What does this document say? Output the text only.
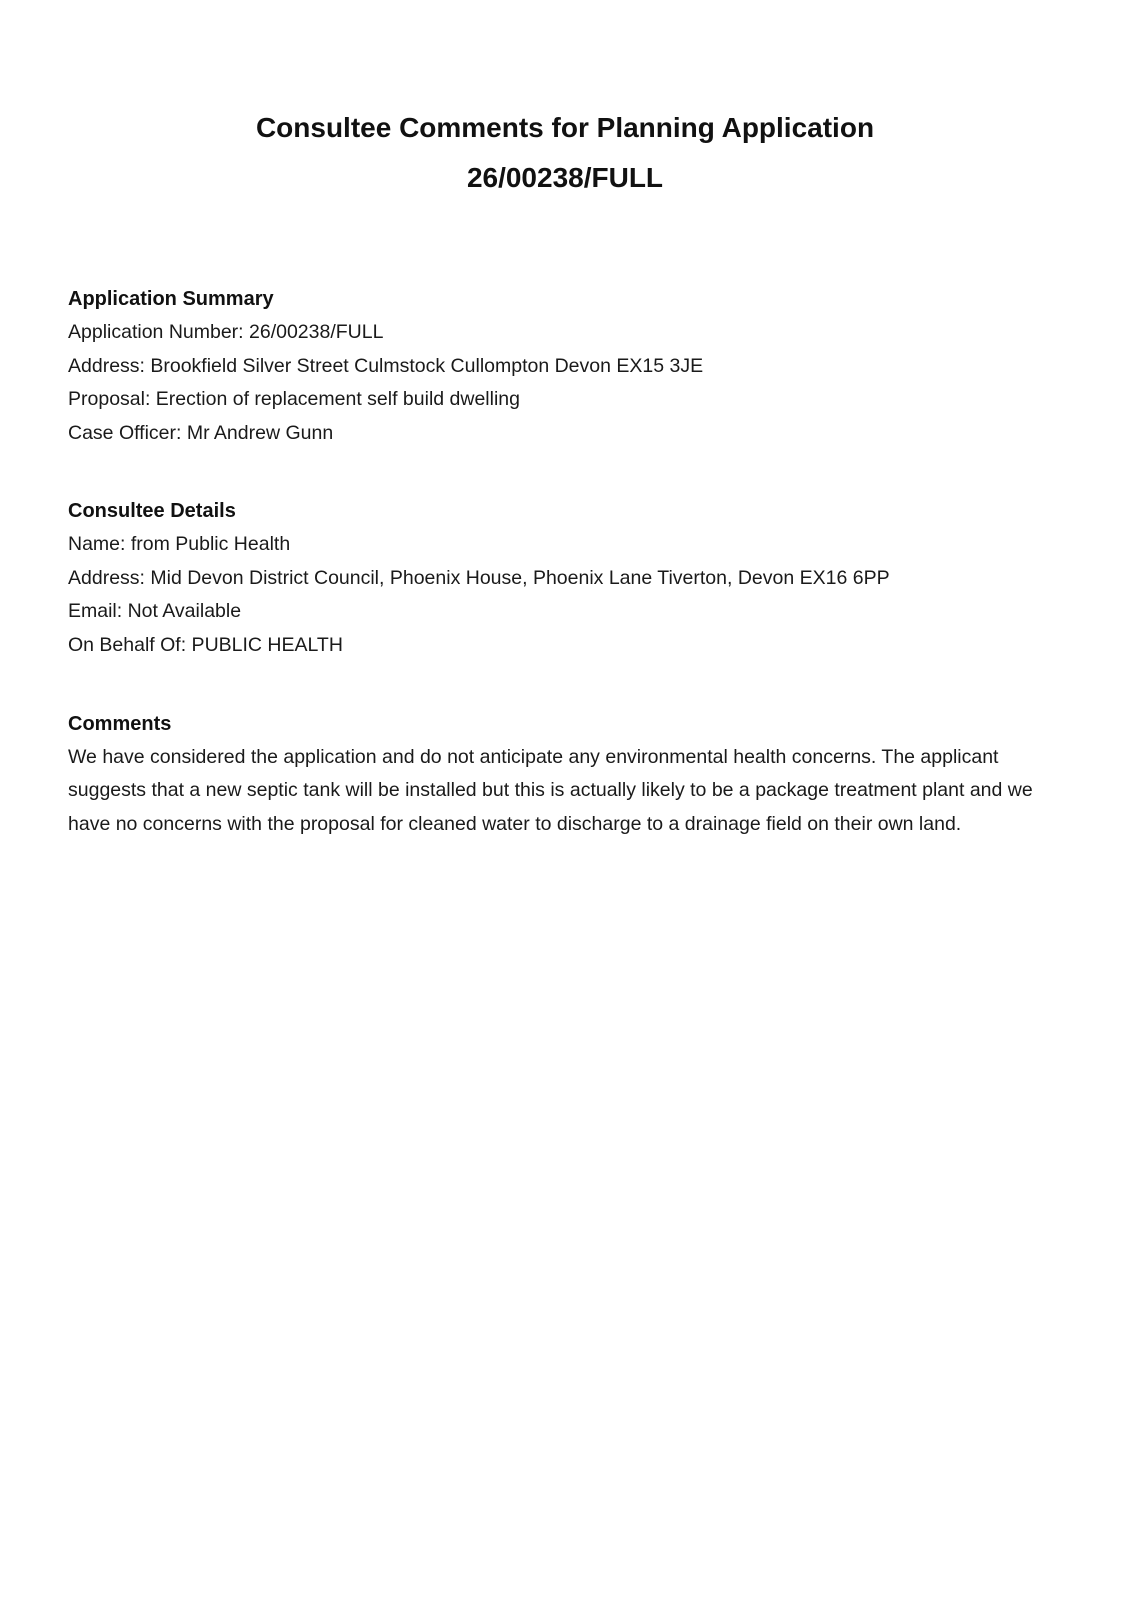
Consultee Comments for Planning Application
26/00238/FULL
Application Summary

Application Number: 26/00238/FULL

Address: Brookfield Silver Street Culmstock Cullompton Devon EX15 3JE

Proposal: Erection of replacement self build dwelling

Case Officer: Mr Andrew Gunn

Consultee Details

Name: from Public Health

Address: Mid Devon District Council, Phoenix House, Phoenix Lane Tiverton, Devon EX16 6PP

Email: Not Available

On Behalf Of: PUBLIC HEALTH

Comments

We have considered the application and do not anticipate any environmental health concerns. The applicant suggests that a new septic tank will be installed but this is actually likely to be a package treatment plant and we have no concerns with the proposal for cleaned water to discharge to a drainage field on their own land.
